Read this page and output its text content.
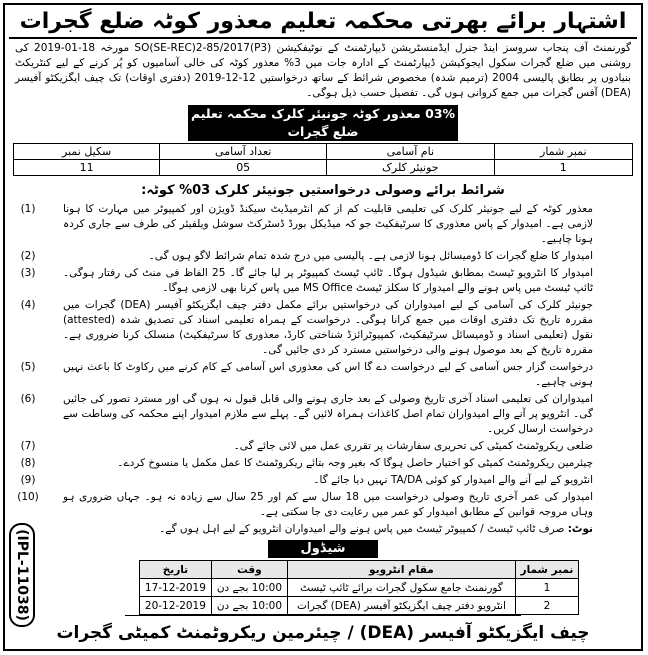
اشتہار برائے بھرتی محکمہ تعلیم معذور کوٹہ ضلع گجرات
گورنمنٹ آف پنجاب سروسز اینڈ جنرل ایڈمنسٹریشن ڈیپارٹمنٹ کے نوٹیفکیشن SO(SE-REC)2-85/2017(P3) مورخہ 18-01-2019 کی روشنی میں ضلع گجرات سکول ایجوکیشن ڈیپارٹمنٹ کے ادارہ جات میں 3% معذور کوٹہ کی خالی آسامیوں کو پُر کرنے کے لیے کنٹریکٹ بنیادوں پر بطابق پالیسی 2004 (ترمیم شدہ) مخصوص شرائط کے ساتھ درخواستیں 12-12-2019 (دفتری اوقات) تک چیف ایگزیکٹو آفیسر (DEA) آفس گجرات میں جمع کروانی ہوں گی۔ تفصیل حسب ذیل ہوگی۔
03% معذور کوٹہ جونیئر کلرک محکمہ تعلیم ضلع گجرات
نمبر شمار	نام آسامی	تعداد آسامی	سکیل نمبر
1	جونیئر کلرک	05	11
شرائط برائے وصولی درخواستیں جونیئر کلرک 03% کوٹہ:
(1)	معذور کوٹہ کے لیے جونیئر کلرک کی تعلیمی قابلیت کم از کم انٹرمیڈیٹ سیکنڈ ڈویژن اور کمپیوٹر میں مہارت کا ہونا لازمی ہے۔ امیدوار کے پاس معذوری کا سرٹیفکیٹ جو کہ میڈیکل بورڈ ڈسٹرکٹ سوشل ویلفیئر کی طرف سے جاری کردہ ہونا چاہیے۔
(2)	امیدوار کا ضلع گجرات کا ڈومیسائل ہونا لازمی ہے۔ پالیسی میں درج شدہ تمام شرائط لاگو ہوں گی۔
(3)	امیدوار کا انٹرویو ٹیسٹ بمطابق شیڈول ہوگا۔ ٹائپ ٹیسٹ کمپیوٹر پر لیا جائے گا۔ 25 الفاظ فی منٹ کی رفتار ہوگی۔ ٹائپ ٹیسٹ میں پاس ہونے والے امیدوار کا سکلز ٹیسٹ MS Office میں پاس کرنا بھی لازمی ہوگا۔
(4)	جونیئر کلرک کی آسامی کے لیے امیدواران کی درخواستیں برائے مکمل دفتر چیف ایگزیکٹو آفیسر (DEA) گجرات میں مقررہ تاریخ تک دفتری اوقات میں جمع کرانا ہوگی۔ درخواست کے ہمراہ تعلیمی اسناد کی تصدیق شدہ (attested) نقول (تعلیمی اسناد و ڈومیسائل سرٹیفکیٹ، کمپیوٹرائزڈ شناختی کارڈ، معذوری کا سرٹیفکیٹ) منسلک کرنا ضروری ہے۔ مقررہ تاریخ کے بعد موصول ہونے والی درخواستیں مسترد کر دی جائیں گی۔
(5)	درخواست گزار جس آسامی کے لیے درخواست دے گا اس کی معذوری اس آسامی کے کام کرنے میں رکاوٹ کا باعث نہیں ہونی چاہیے۔
(6)	امیدواران کی تعلیمی اسناد آخری تاریخ وصولی کے بعد جاری ہونے والی قابل قبول نہ ہوں گی اور مسترد تصور کی جائیں گی۔ انٹرویو پر آنے والے امیدواران تمام اصل کاغذات ہمراہ لائیں گے۔ پہلے سے ملازم امیدوار اپنے محکمہ کی وساطت سے درخواست ارسال کریں۔
(7)	ضلعی ریکروٹمنٹ کمیٹی کی تحریری سفارشات پر تقرری عمل میں لائی جائے گی۔
(8)	چیئرمین ریکروٹمنٹ کمیٹی کو اختیار حاصل ہوگا کہ بغیر وجہ بتائے ریکروٹمنٹ کا عمل مکمل یا منسوخ کردے۔
(9)	انٹرویو کے لیے آنے والے امیدوار کو کوئی TA/DA نہیں دیا جائے گا۔
(10)	امیدوار کی عمر آخری تاریخ وصولی درخواست میں 18 سال سے کم اور 25 سال سے زیادہ نہ ہو۔ جہاں ضروری ہو وہاں مروجہ قوانین کے مطابق امیدوار کو عمر میں رعایت دی جا سکتی ہے۔
نوٹ: صرف ٹائپ ٹیسٹ / کمپیوٹر ٹیسٹ میں پاس ہونے والے امیدواران انٹرویو کے لیے اہل ہوں گے۔
شیڈول
نمبر شمار	مقام انٹرویو	وقت	تاریخ
1	گورنمنٹ جامع سکول گجرات برائے ٹائپ ٹیسٹ	10:00 بجے دن	17-12-2019
2	انٹرویو دفتر چیف ایگزیکٹو آفیسر (DEA) گجرات	10:00 بجے دن	20-12-2019
(IPL-11038)
چیف ایگزیکٹو آفیسر (DEA) / چیئرمین ریکروٹمنٹ کمیٹی گجرات
